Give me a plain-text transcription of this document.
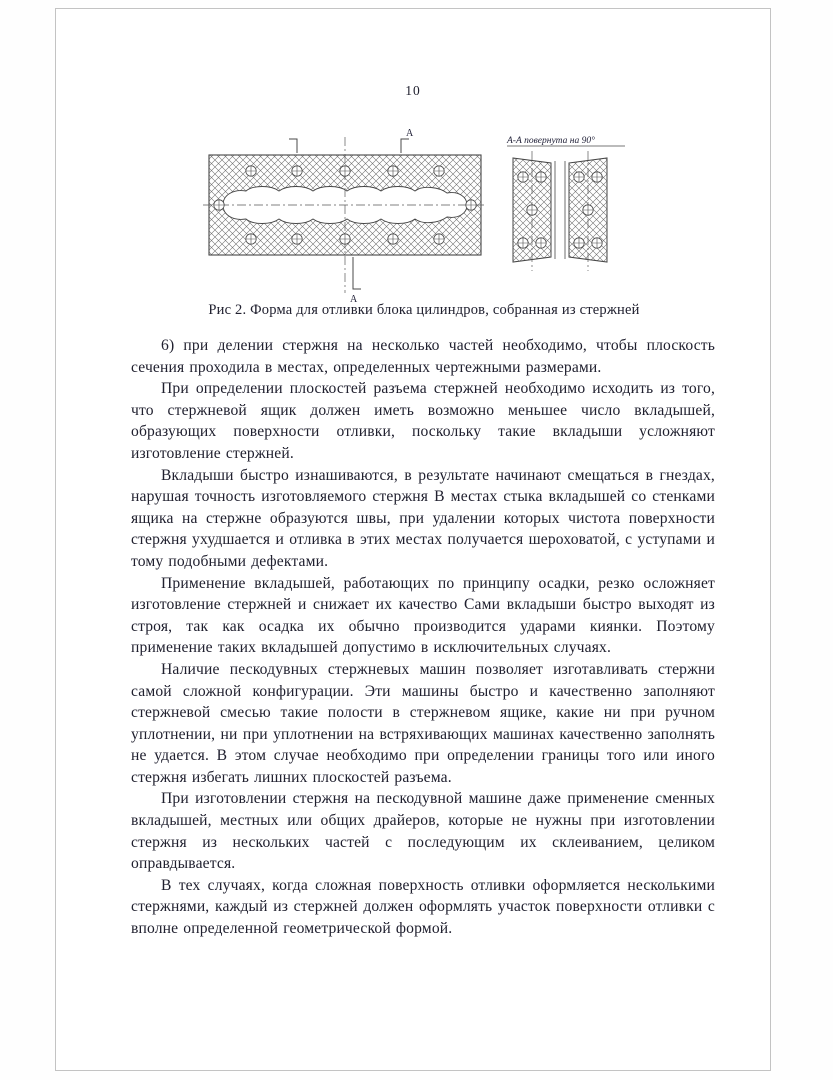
10
А
А
А-А повернута на 90°
Рис 2. Форма для отливки блока цилиндров, собранная из стержней

6) при делении стержня на несколько частей необходимо, чтобы плоскость сечения проходила в местах, определенных чертежными размерами.

При определении плоскостей разъема стержней необходимо исходить из того, что стержневой ящик должен иметь возможно меньшее число вкладышей, образующих поверхности отливки, поскольку такие вкладыши усложняют изготовление стержней.

Вкладыши быстро изнашиваются, в результате начинают смещаться в гнездах, нарушая точность изготовляемого стержня В местах стыка вкладышей со стенками ящика на стержне образуются швы, при удалении которых чистота поверхности стержня ухудшается и отливка в этих местах получается шероховатой, с уступами и тому подобными дефектами.

Применение вкладышей, работающих по принципу осадки, резко осложняет изготовление стержней и снижает их качество Сами вкладыши быстро выходят из строя, так как осадка их обычно производится ударами киянки. Поэтому применение таких вкладышей допустимо в исключительных случаях.

Наличие пескодувных стержневых машин позволяет изготавливать стержни самой сложной конфигурации. Эти машины быстро и качественно заполняют стержневой смесью такие полости в стержневом ящике, какие ни при ручном уплотнении, ни при уплотнении на встряхивающих машинах качественно заполнять не удается. В этом случае необходимо при определении границы того или иного стержня избегать лишних плоскостей разъема.

При изготовлении стержня на пескодувной машине даже применение сменных вкладышей, местных или общих драйеров, которые не нужны при изготовлении стержня из нескольких частей с последующим их склеиванием, целиком оправдывается.

В тех случаях, когда сложная поверхность отливки оформляется несколькими стержнями, каждый из стержней должен оформлять участок поверхности отливки с вполне определенной геометрической формой.
